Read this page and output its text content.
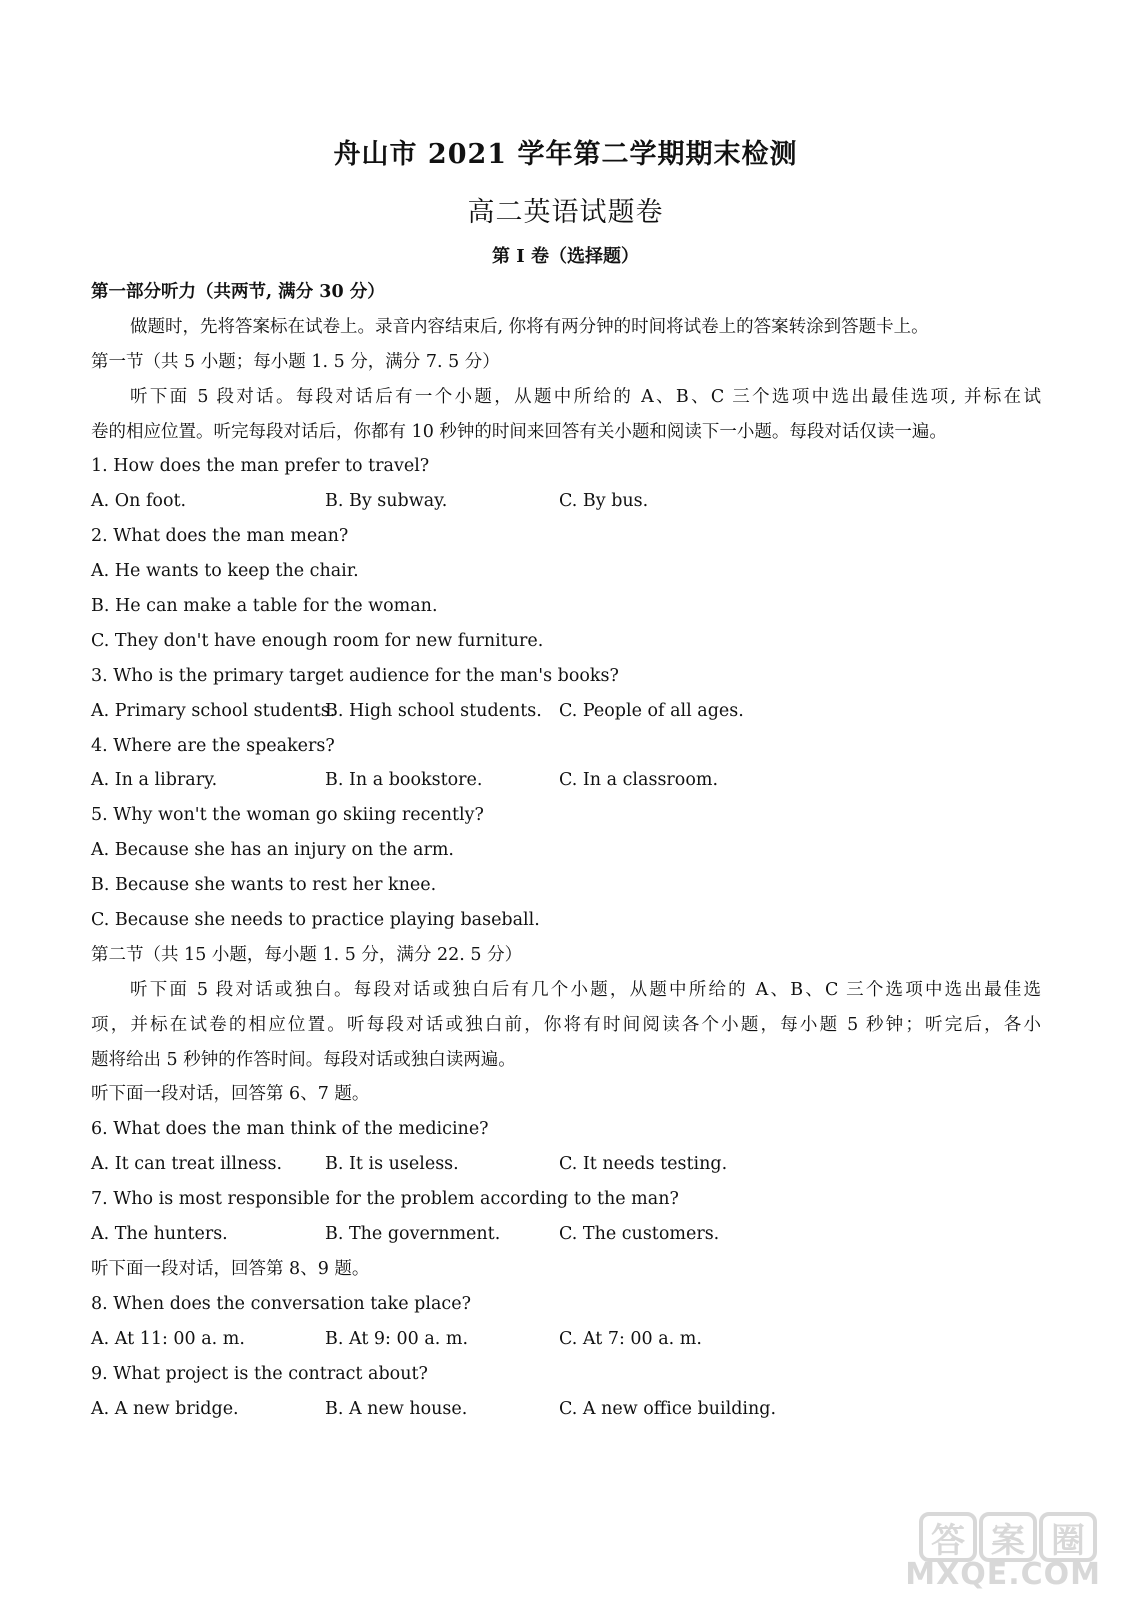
舟山市 2021 学年第二学期期末检测
高二英语试题卷
第 I 卷（选择题）
第一部分听力（共两节, 满分 30 分）
做题时，先将答案标在试卷上。录音内容结束后, 你将有两分钟的时间将试卷上的答案转涂到答题卡上。
第一节（共 5 小题；每小题 1. 5 分，满分 7. 5 分）
听下面 5 段对话。每段对话后有一个小题，从题中所给的 A、B、C 三个选项中选出最佳选项, 并标在试
卷的相应位置。听完每段对话后，你都有 10 秒钟的时间来回答有关小题和阅读下一小题。每段对话仅读一遍。
1. How does the man prefer to travel?
A. On foot.	B. By subway.	C. By bus.
2. What does the man mean?
A. He wants to keep the chair.
B. He can make a table for the woman.
C. They don't have enough room for new furniture.
3. Who is the primary target audience for the man's books?
A. Primary school students.
B. High school students. C. People of all ages.
4. Where are the speakers?
A. In a library.	B. In a bookstore.	C. In a classroom.
5. Why won't the woman go skiing recently?
A. Because she has an injury on the arm.
B. Because she wants to rest her knee.
C. Because she needs to practice playing baseball.
第二节（共 15 小题，每小题 1. 5 分，满分 22. 5 分）
听下面 5 段对话或独白。每段对话或独白后有几个小题，从题中所给的 A、B、C 三个选项中选出最佳选
项，并标在试卷的相应位置。听每段对话或独白前，你将有时间阅读各个小题，每小题 5 秒钟；听完后，各小
题将给出 5 秒钟的作答时间。每段对话或独白读两遍。
听下面一段对话，回答第 6、7 题。
6. What does the man think of the medicine?
A. It can treat illness.	B. It is useless.	C. It needs testing.
7. Who is most responsible for the problem according to the man?
A. The hunters.	B. The government.	C. The customers.
听下面一段对话，回答第 8、9 题。
8. When does the conversation take place?
A. At 11: 00 a. m.	B. At 9: 00 a. m.	C. At 7: 00 a. m.
9. What project is the contract about?
A. A new bridge.	B. A new house.	C. A new office building.
答 案 圈
MXQE.COM
